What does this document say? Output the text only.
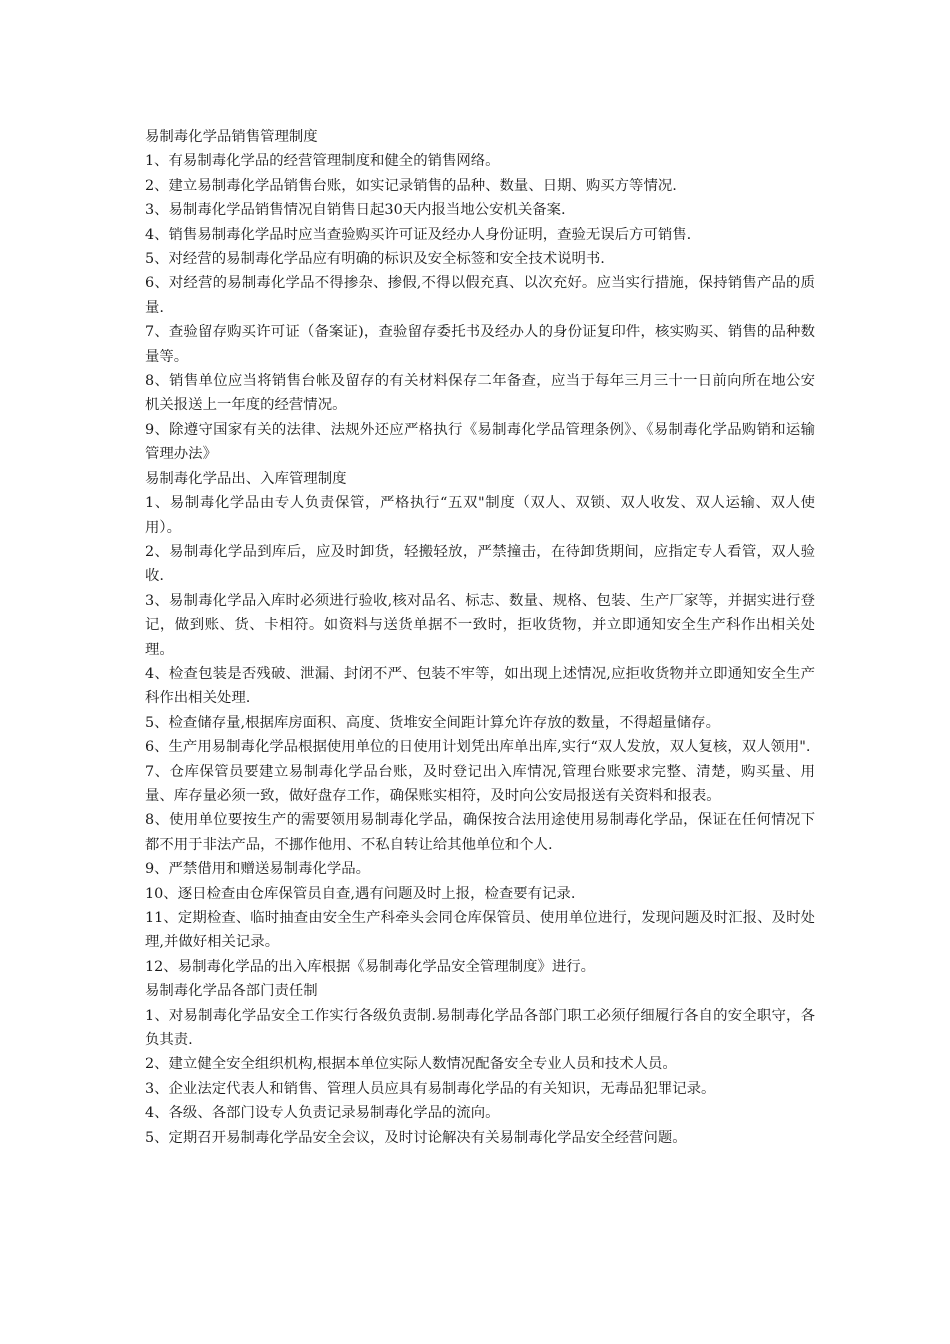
易制毒化学品销售管理制度

1、有易制毒化学品的经营管理制度和健全的销售网络。

2、建立易制毒化学品销售台账，如实记录销售的品种、数量、日期、购买方等情况.

3、易制毒化学品销售情况自销售日起30天内报当地公安机关备案.

4、销售易制毒化学品时应当查验购买许可证及经办人身份证明，查验无误后方可销售.

5、对经营的易制毒化学品应有明确的标识及安全标签和安全技术说明书.

6、对经营的易制毒化学品不得掺杂、掺假,不得以假充真、以次充好。应当实行措施，保持销售产品的质量.

7、查验留存购买许可证（备案证)，查验留存委托书及经办人的身份证复印件，核实购买、销售的品种数量等。

8、销售单位应当将销售台帐及留存的有关材料保存二年备查，应当于每年三月三十一日前向所在地公安机关报送上一年度的经营情况。

9、除遵守国家有关的法律、法规外还应严格执行《易制毒化学品管理条例》、《易制毒化学品购销和运输管理办法》

易制毒化学品出、入库管理制度

1、易制毒化学品由专人负责保管，严格执行“五双"制度（双人、双锁、双人收发、双人运输、双人使用）。

2、易制毒化学品到库后，应及时卸货，轻搬轻放，严禁撞击，在待卸货期间，应指定专人看管，双人验收.

3、易制毒化学品入库时必须进行验收,核对品名、标志、数量、规格、包装、生产厂家等，并据实进行登记，做到账、货、卡相符。如资料与送货单据不一致时，拒收货物，并立即通知安全生产科作出相关处理。

4、检查包装是否残破、泄漏、封闭不严、包装不牢等，如出现上述情况,应拒收货物并立即通知安全生产科作出相关处理.

5、检查储存量,根据库房面积、高度、货堆安全间距计算允许存放的数量，不得超量储存。

6、生产用易制毒化学品根据使用单位的日使用计划凭出库单出库,实行“双人发放，双人复核，双人领用".

7、仓库保管员要建立易制毒化学品台账，及时登记出入库情况,管理台账要求完整、清楚，购买量、用量、库存量必须一致，做好盘存工作，确保账实相符，及时向公安局报送有关资料和报表。

8、使用单位要按生产的需要领用易制毒化学品，确保按合法用途使用易制毒化学品，保证在任何情况下都不用于非法产品，不挪作他用、不私自转让给其他单位和个人.

9、严禁借用和赠送易制毒化学品。

10、逐日检查由仓库保管员自查,遇有问题及时上报，检查要有记录.

11、定期检查、临时抽查由安全生产科牵头会同仓库保管员、使用单位进行，发现问题及时汇报、及时处理,并做好相关记录。

12、易制毒化学品的出入库根据《易制毒化学品安全管理制度》进行。

易制毒化学品各部门责任制

1、对易制毒化学品安全工作实行各级负责制.易制毒化学品各部门职工必须仔细履行各自的安全职守，各负其责.

2、建立健全安全组织机构,根据本单位实际人数情况配备安全专业人员和技术人员。

3、企业法定代表人和销售、管理人员应具有易制毒化学品的有关知识，无毒品犯罪记录。

4、各级、各部门设专人负责记录易制毒化学品的流向。

5、定期召开易制毒化学品安全会议，及时讨论解决有关易制毒化学品安全经营问题。
